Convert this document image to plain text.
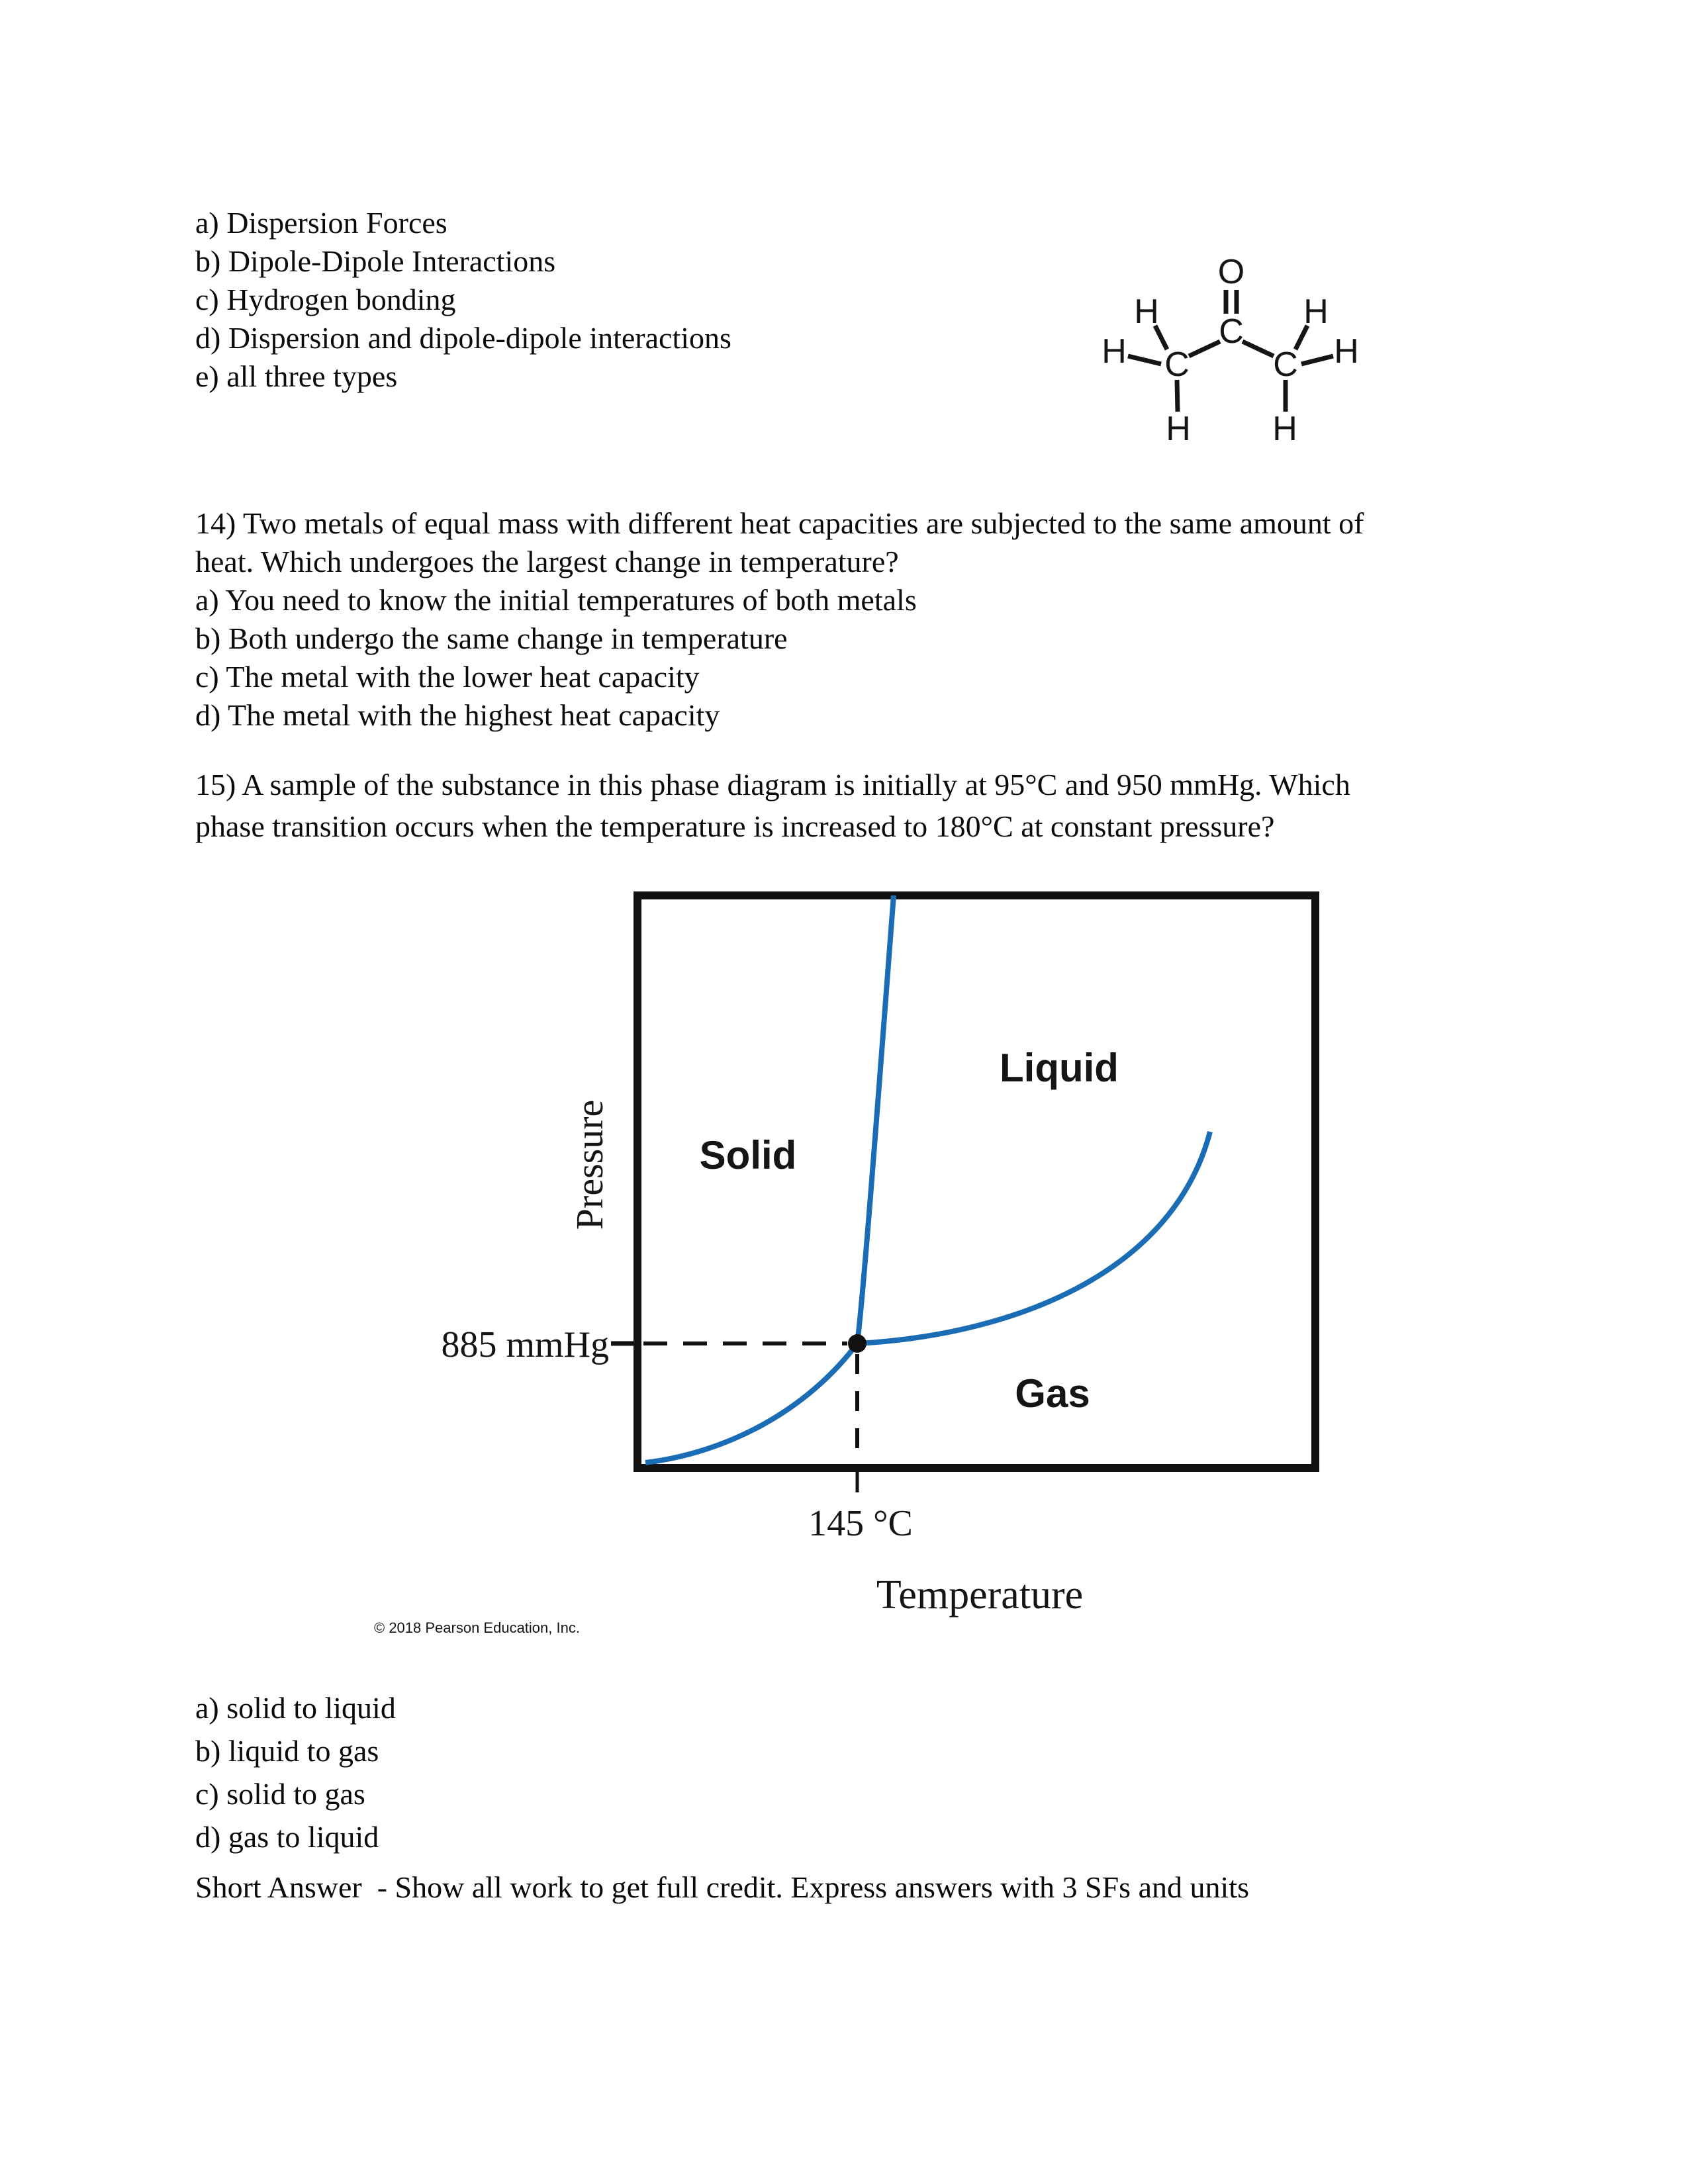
a) Dispersion Forces
b) Dipole-Dipole Interactions
c) Hydrogen bonding
d) Dispersion and dipole-dipole interactions
e) all three types
O
C
C C
H	H
H	H
H H
14) Two metals of equal mass with different heat capacities are subjected to the same amount of
heat. Which undergoes the largest change in temperature?
a) You need to know the initial temperatures of both metals
b) Both undergo the same change in temperature
c) The metal with the lower heat capacity
d) The metal with the highest heat capacity
15) A sample of the substance in this phase diagram is initially at 95°C and 950 mmHg. Which
phase transition occurs when the temperature is increased to 180°C at constant pressure?
Pressure
Temperature
Solid
Liquid
Gas
885 mmHg
145 °C
© 2018 Pearson Education, Inc.
a) solid to liquid
b) liquid to gas
c) solid to gas
d) gas to liquid
Short Answer  - Show all work to get full credit. Express answers with 3 SFs and units
